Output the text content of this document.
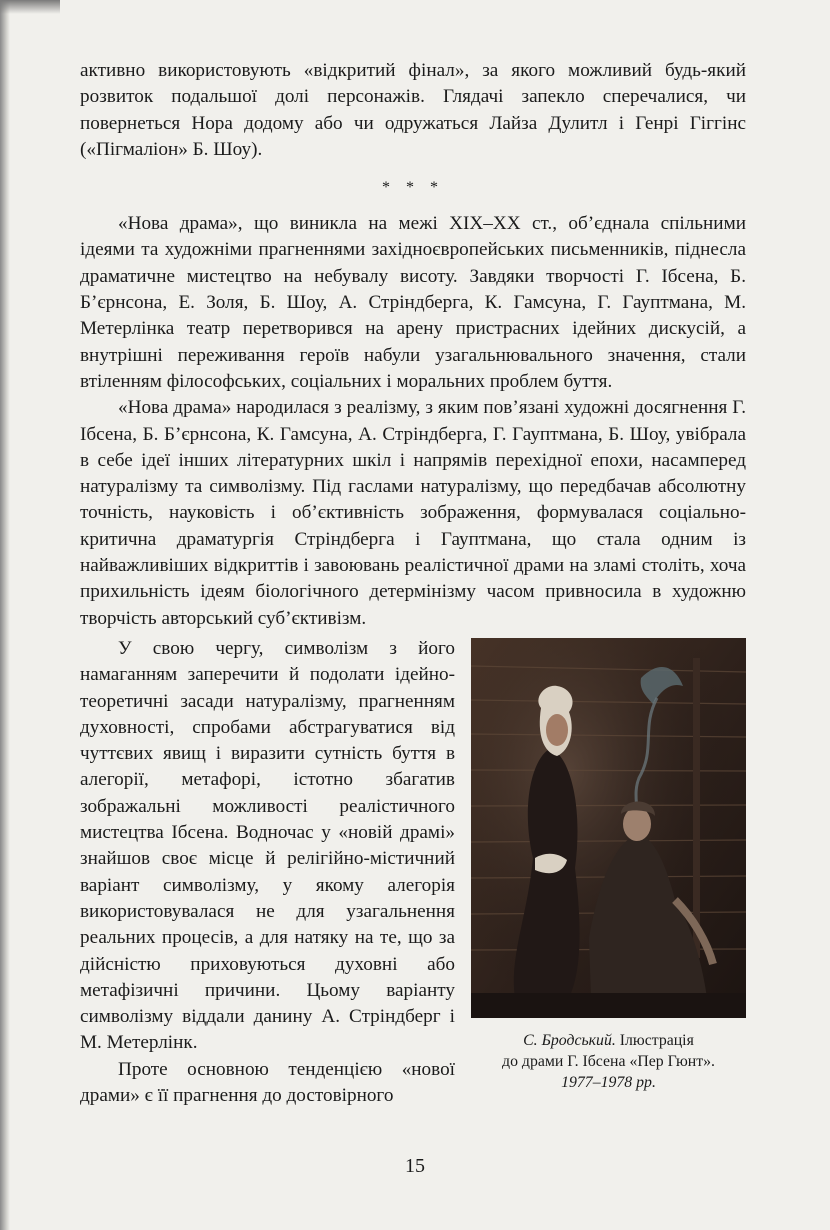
активно використовують «відкритий фінал», за якого можливий будь-який розвиток подальшої долі персонажів. Глядачі запекло сперечалися, чи повернеться Нора додому або чи одружаться Лайза Дулитл і Генрі Гіггінс («Пігмаліон» Б. Шоу).

* * *

«Нова драма», що виникла на межі XIX–XX ст., об’єднала спільними ідеями та художніми прагненнями західноєвропейських письменників, піднесла драматичне мистецтво на небувалу висоту. Завдяки творчості Г. Ібсена, Б. Б’єрнсона, Е. Золя, Б. Шоу, А. Стріндберга, К. Гамсуна, Г. Гауптмана, М. Метерлінка театр перетворився на арену пристрасних ідейних дискусій, а внутрішні переживання героїв набули узагальнювального значення, стали втіленням філософських, соціальних і моральних проблем буття.

«Нова драма» народилася з реалізму, з яким пов’язані художні досягнення Г. Ібсена, Б. Б’єрнсона, К. Гамсуна, А. Стріндберга, Г. Гауптмана, Б. Шоу, увібрала в себе ідеї інших літературних шкіл і напрямів перехідної епохи, насамперед натуралізму та символізму. Під гаслами натуралізму, що передбачав абсолютну точність, науковість і об’єктивність зображення, формувалася соціально-критична драматургія Стріндберга і Гауптмана, що стала одним із найважливіших відкриттів і завоювань реалістичної драми на зламі століть, хоча прихильність ідеям біологічного детермінізму часом привносила в художню творчість авторський суб’єктивізм.

У свою чергу, символізм з його намаганням заперечити й подолати ідейно-теоретичні засади натуралізму, прагненням духовності, спробами абстрагуватися від чуттєвих явищ і виразити сутність буття в алегорії, метафорі, істотно збагатив зображальні можливості реалістичного мистецтва Ібсена. Водночас у «новій драмі» знайшов своє місце й релігійно-містичний варіант символізму, у якому алегорія використовувалася не для узагальнення реальних процесів, а для натяку на те, що за дійсністю приховуються духовні або метафізичні причини. Цьому варіанту символізму віддали данину А. Стріндберг і М. Метерлінк.

Проте основною тенденцією «нової драми» є її прагнення до достовірного

С. Бродський. Ілюстрація
до драми Г. Ібсена «Пер Гюнт».
1977–1978 pp.
15
